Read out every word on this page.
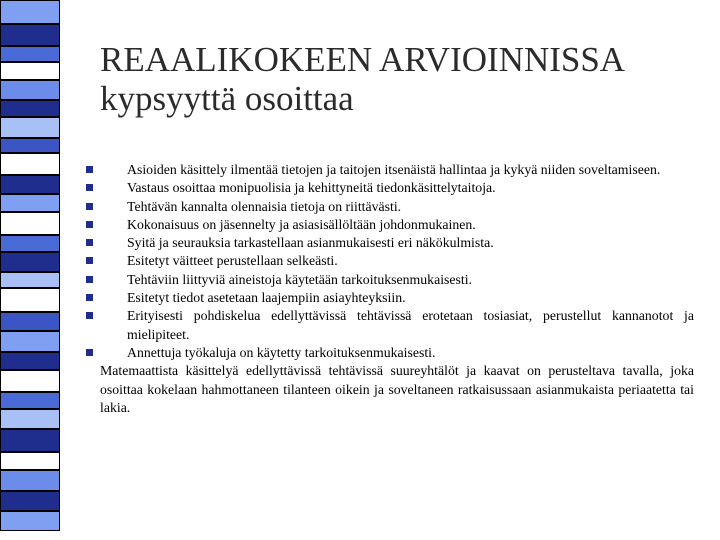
REAALIKOKEEN ARVIOINNISSA
kypsyyttä osoittaa
Asioiden käsittely ilmentää tietojen ja taitojen itsenäistä hallintaa ja kykyä niiden soveltamiseen.
Vastaus osoittaa monipuolisia ja kehittyneitä tiedonkäsittelytaitoja.
Tehtävän kannalta olennaisia tietoja on riittävästi.
Kokonaisuus on jäsennelty ja asiasisällöltään johdonmukainen.
Syitä ja seurauksia tarkastellaan asianmukaisesti eri näkökulmista.
Esitetyt väitteet perustellaan selkeästi.
Tehtäviin liittyviä aineistoja käytetään tarkoituksenmukaisesti.
Esitetyt tiedot asetetaan laajempiin asiayhteyksiin.
Erityisesti pohdiskelua edellyttävissä tehtävissä erotetaan tosiasiat, perustellut kannanotot ja mielipiteet.
Annettuja työkaluja on käytetty tarkoituksenmukaisesti.
Matemaattista käsittelyä edellyttävissä tehtävissä suureyhtälöt ja kaavat on perusteltava tavalla, joka osoittaa kokelaan hahmottaneen tilanteen oikein ja soveltaneen ratkaisussaan asianmukaista periaatetta tai lakia.
